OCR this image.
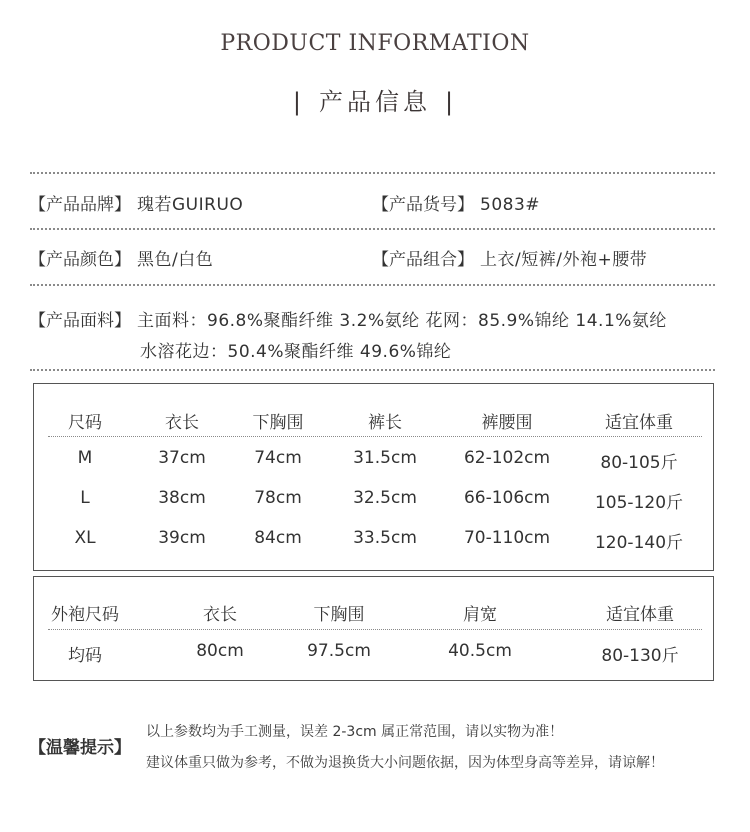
PRODUCT INFORMATION
| 产品信息 |
【产品品牌】 瑰若GUIRUO	【产品货号】 5083#
【产品颜色】 黑色/白色	【产品组合】 上衣/短裤/外袍+腰带
【产品面料】 主面料：96.8%聚酯纤维 3.2%氨纶 花网：85.9%锦纶 14.1%氨纶
水溶花边：50.4%聚酯纤维 49.6%锦纶
尺码	衣长	下胸围	裤长	裤腰围	适宜体重
M	37cm	74cm	31.5cm	62-102cm	80-105斤
L	38cm	78cm	32.5cm	66-106cm	105-120斤
XL	39cm	84cm	33.5cm	70-110cm	120-140斤
外袍尺码	衣长	下胸围	肩宽	适宜体重
均码	80cm	97.5cm	40.5cm	80-130斤
【温馨提示】
以上参数均为手工测量，误差 2-3cm 属正常范围，请以实物为准！
建议体重只做为参考，不做为退换货大小问题依据，因为体型身高等差异，请谅解！
